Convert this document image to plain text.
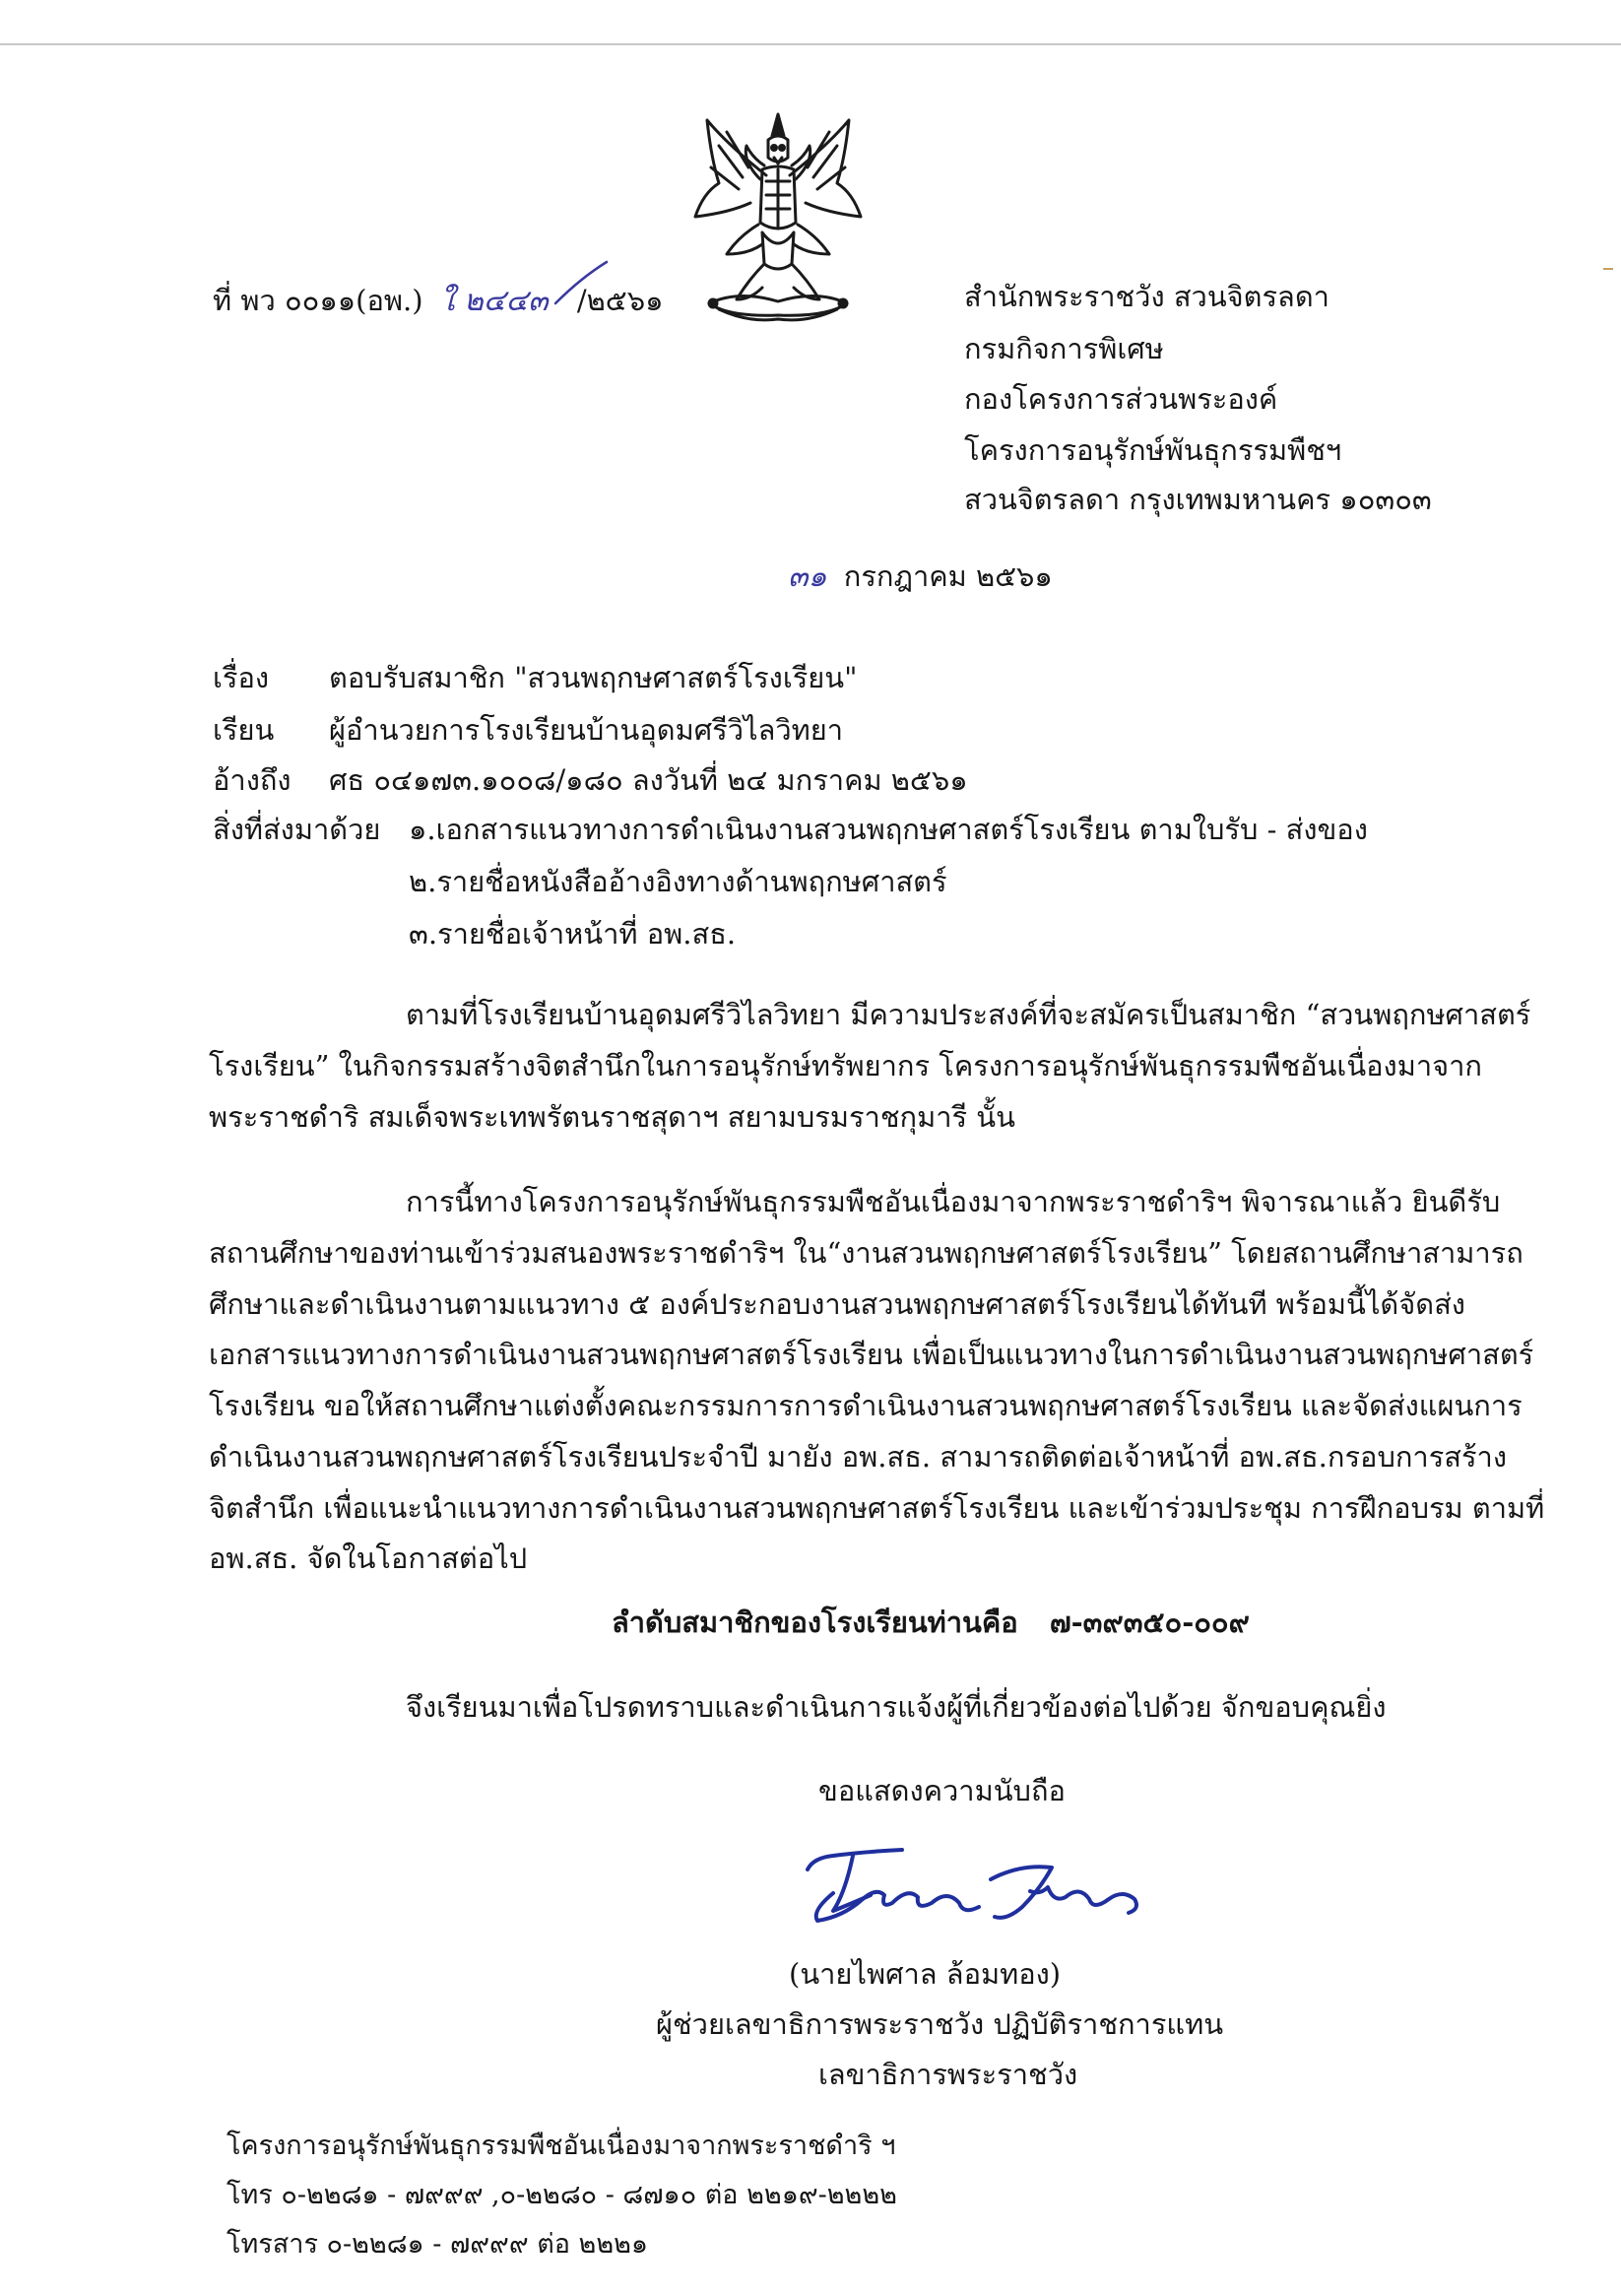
ที่ พว ๐๐๑๑(อพ.) ใ ๒๔๔๓ /๒๕๖๑	สำนักพระราชวัง สวนจิตรลดา
กรมกิจการพิเศษ
กองโครงการส่วนพระองค์
โครงการอนุรักษ์พันธุกรรมพืชฯ
สวนจิตรลดา กรุงเทพมหานคร ๑๐๓๐๓
๓๑ กรกฎาคม ๒๕๖๑
เรื่อง ตอบรับสมาชิก "สวนพฤกษศาสตร์โรงเรียน"
เรียน ผู้อำนวยการโรงเรียนบ้านอุดมศรีวิไลวิทยา
อ้างถึง ศธ ๐๔๑๗๓.๑๐๐๘/๑๘๐ ลงวันที่ ๒๔ มกราคม ๒๕๖๑
สิ่งที่ส่งมาด้วย ๑.เอกสารแนวทางการดำเนินงานสวนพฤกษศาสตร์โรงเรียน ตามใบรับ - ส่งของ
๒.รายชื่อหนังสืออ้างอิงทางด้านพฤกษศาสตร์
๓.รายชื่อเจ้าหน้าที่ อพ.สธ.
ตามที่โรงเรียนบ้านอุดมศรีวิไลวิทยา มีความประสงค์ที่จะสมัครเป็นสมาชิก “สวนพฤกษศาสตร์
โรงเรียน” ในกิจกรรมสร้างจิตสำนึกในการอนุรักษ์ทรัพยากร โครงการอนุรักษ์พันธุกรรมพืชอันเนื่องมาจาก
พระราชดำริ สมเด็จพระเทพรัตนราชสุดาฯ สยามบรมราชกุมารี นั้น
การนี้ทางโครงการอนุรักษ์พันธุกรรมพืชอันเนื่องมาจากพระราชดำริฯ พิจารณาแล้ว ยินดีรับ
สถานศึกษาของท่านเข้าร่วมสนองพระราชดำริฯ ใน“งานสวนพฤกษศาสตร์โรงเรียน” โดยสถานศึกษาสามารถ
ศึกษาและดำเนินงานตามแนวทาง ๕ องค์ประกอบงานสวนพฤกษศาสตร์โรงเรียนได้ทันที พร้อมนี้ได้จัดส่ง
เอกสารแนวทางการดำเนินงานสวนพฤกษศาสตร์โรงเรียน เพื่อเป็นแนวทางในการดำเนินงานสวนพฤกษศาสตร์
โรงเรียน ขอให้สถานศึกษาแต่งตั้งคณะกรรมการการดำเนินงานสวนพฤกษศาสตร์โรงเรียน และจัดส่งแผนการ
ดำเนินงานสวนพฤกษศาสตร์โรงเรียนประจำปี มายัง อพ.สธ. สามารถติดต่อเจ้าหน้าที่ อพ.สธ.กรอบการสร้าง
จิตสำนึก เพื่อแนะนำแนวทางการดำเนินงานสวนพฤกษศาสตร์โรงเรียน และเข้าร่วมประชุม การฝึกอบรม ตามที่
อพ.สธ. จัดในโอกาสต่อไป
ลำดับสมาชิกของโรงเรียนท่านคือ ๗-๓๙๓๕๐-๐๐๙
จึงเรียนมาเพื่อโปรดทราบและดำเนินการแจ้งผู้ที่เกี่ยวข้องต่อไปด้วย จักขอบคุณยิ่ง
ขอแสดงความนับถือ
(นายไพศาล ล้อมทอง)
ผู้ช่วยเลขาธิการพระราชวัง ปฏิบัติราชการแทน
เลขาธิการพระราชวัง
โครงการอนุรักษ์พันธุกรรมพืชอันเนื่องมาจากพระราชดำริ ฯ
โทร ๐-๒๒๘๑ - ๗๙๙๙ ,๐-๒๒๘๐ - ๘๗๑๐ ต่อ ๒๒๑๙-๒๒๒๒
โทรสาร ๐-๒๒๘๑ - ๗๙๙๙ ต่อ ๒๒๒๑
